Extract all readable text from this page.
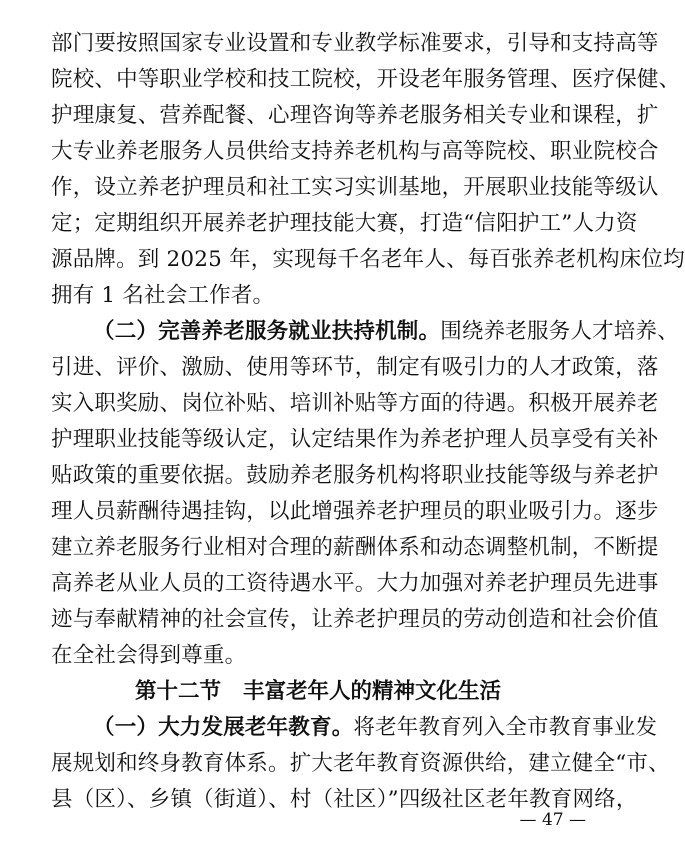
部门要按照国家专业设置和专业教学标准要求，引导和支持高等
院校、中等职业学校和技工院校，开设老年服务管理、医疗保健、
护理康复、营养配餐、心理咨询等养老服务相关专业和课程，扩
大专业养老服务人员供给支持养老机构与高等院校、职业院校合
作，设立养老护理员和社工实习实训基地，开展职业技能等级认
定；定期组织开展养老护理技能大赛，打造“信阳护工”人力资
源品牌。到 2025 年，实现每千名老年人、每百张养老机构床位均
拥有 1 名社会工作者。
（二）完善养老服务就业扶持机制。围绕养老服务人才培养、
引进、评价、激励、使用等环节，制定有吸引力的人才政策，落
实入职奖励、岗位补贴、培训补贴等方面的待遇。积极开展养老
护理职业技能等级认定，认定结果作为养老护理人员享受有关补
贴政策的重要依据。鼓励养老服务机构将职业技能等级与养老护
理人员薪酬待遇挂钩，以此增强养老护理员的职业吸引力。逐步
建立养老服务行业相对合理的薪酬体系和动态调整机制，不断提
高养老从业人员的工资待遇水平。大力加强对养老护理员先进事
迹与奉献精神的社会宣传，让养老护理员的劳动创造和社会价值
在全社会得到尊重。
第十二节 丰富老年人的精神文化生活
（一）大力发展老年教育。将老年教育列入全市教育事业发
展规划和终身教育体系。扩大老年教育资源供给，建立健全“市、
县（区）、乡镇（街道）、村（社区）”四级社区老年教育网络，
— 47 —
